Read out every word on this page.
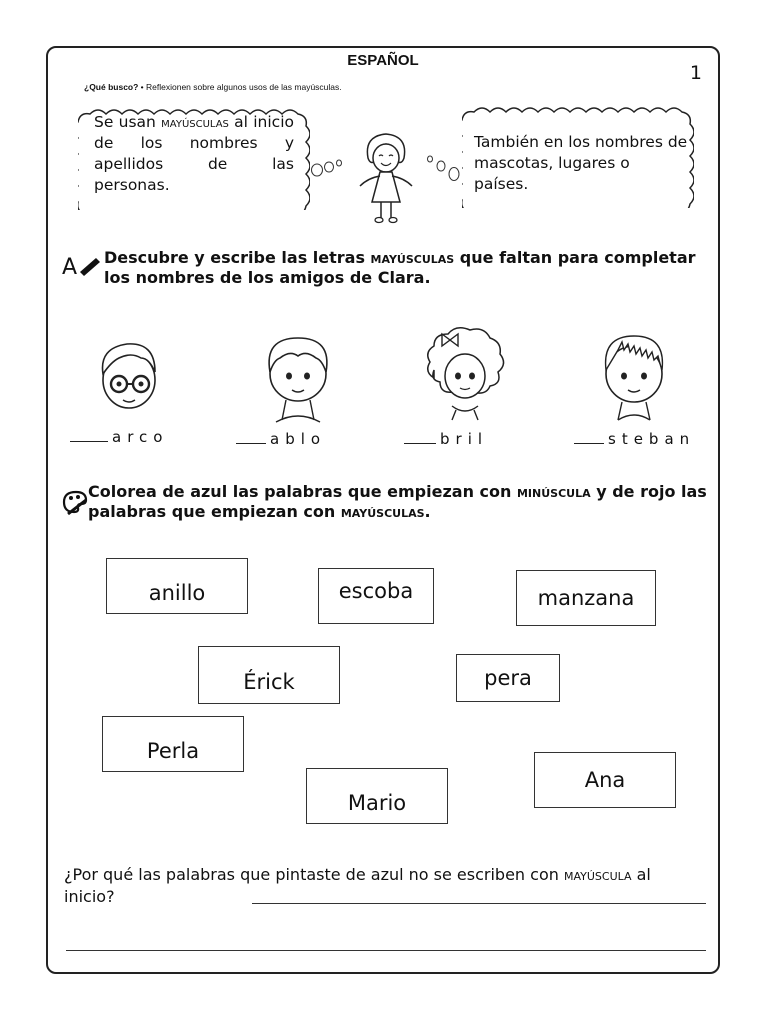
ESPAÑOL
1
¿Qué busco? • Reflexionen sobre algunos usos de las mayúsculas.
Se usan mayúsculas al inicio de los nombres y apellidos de las personas.
También en los nombres de mascotas, lugares o países.
A Descubre y escribe las letras mayúsculas que faltan para completar los nombres de los amigos de Clara.
arco	ablo	bril	steban
Colorea de azul las palabras que empiezan con minúscula y de rojo las palabras que empiezan con mayúsculas.
anillo	escoba	manzana
Érick	pera
Perla
Mario
Ana
¿Por qué las palabras que pintaste de azul no se escriben con mayúscula al inicio?
